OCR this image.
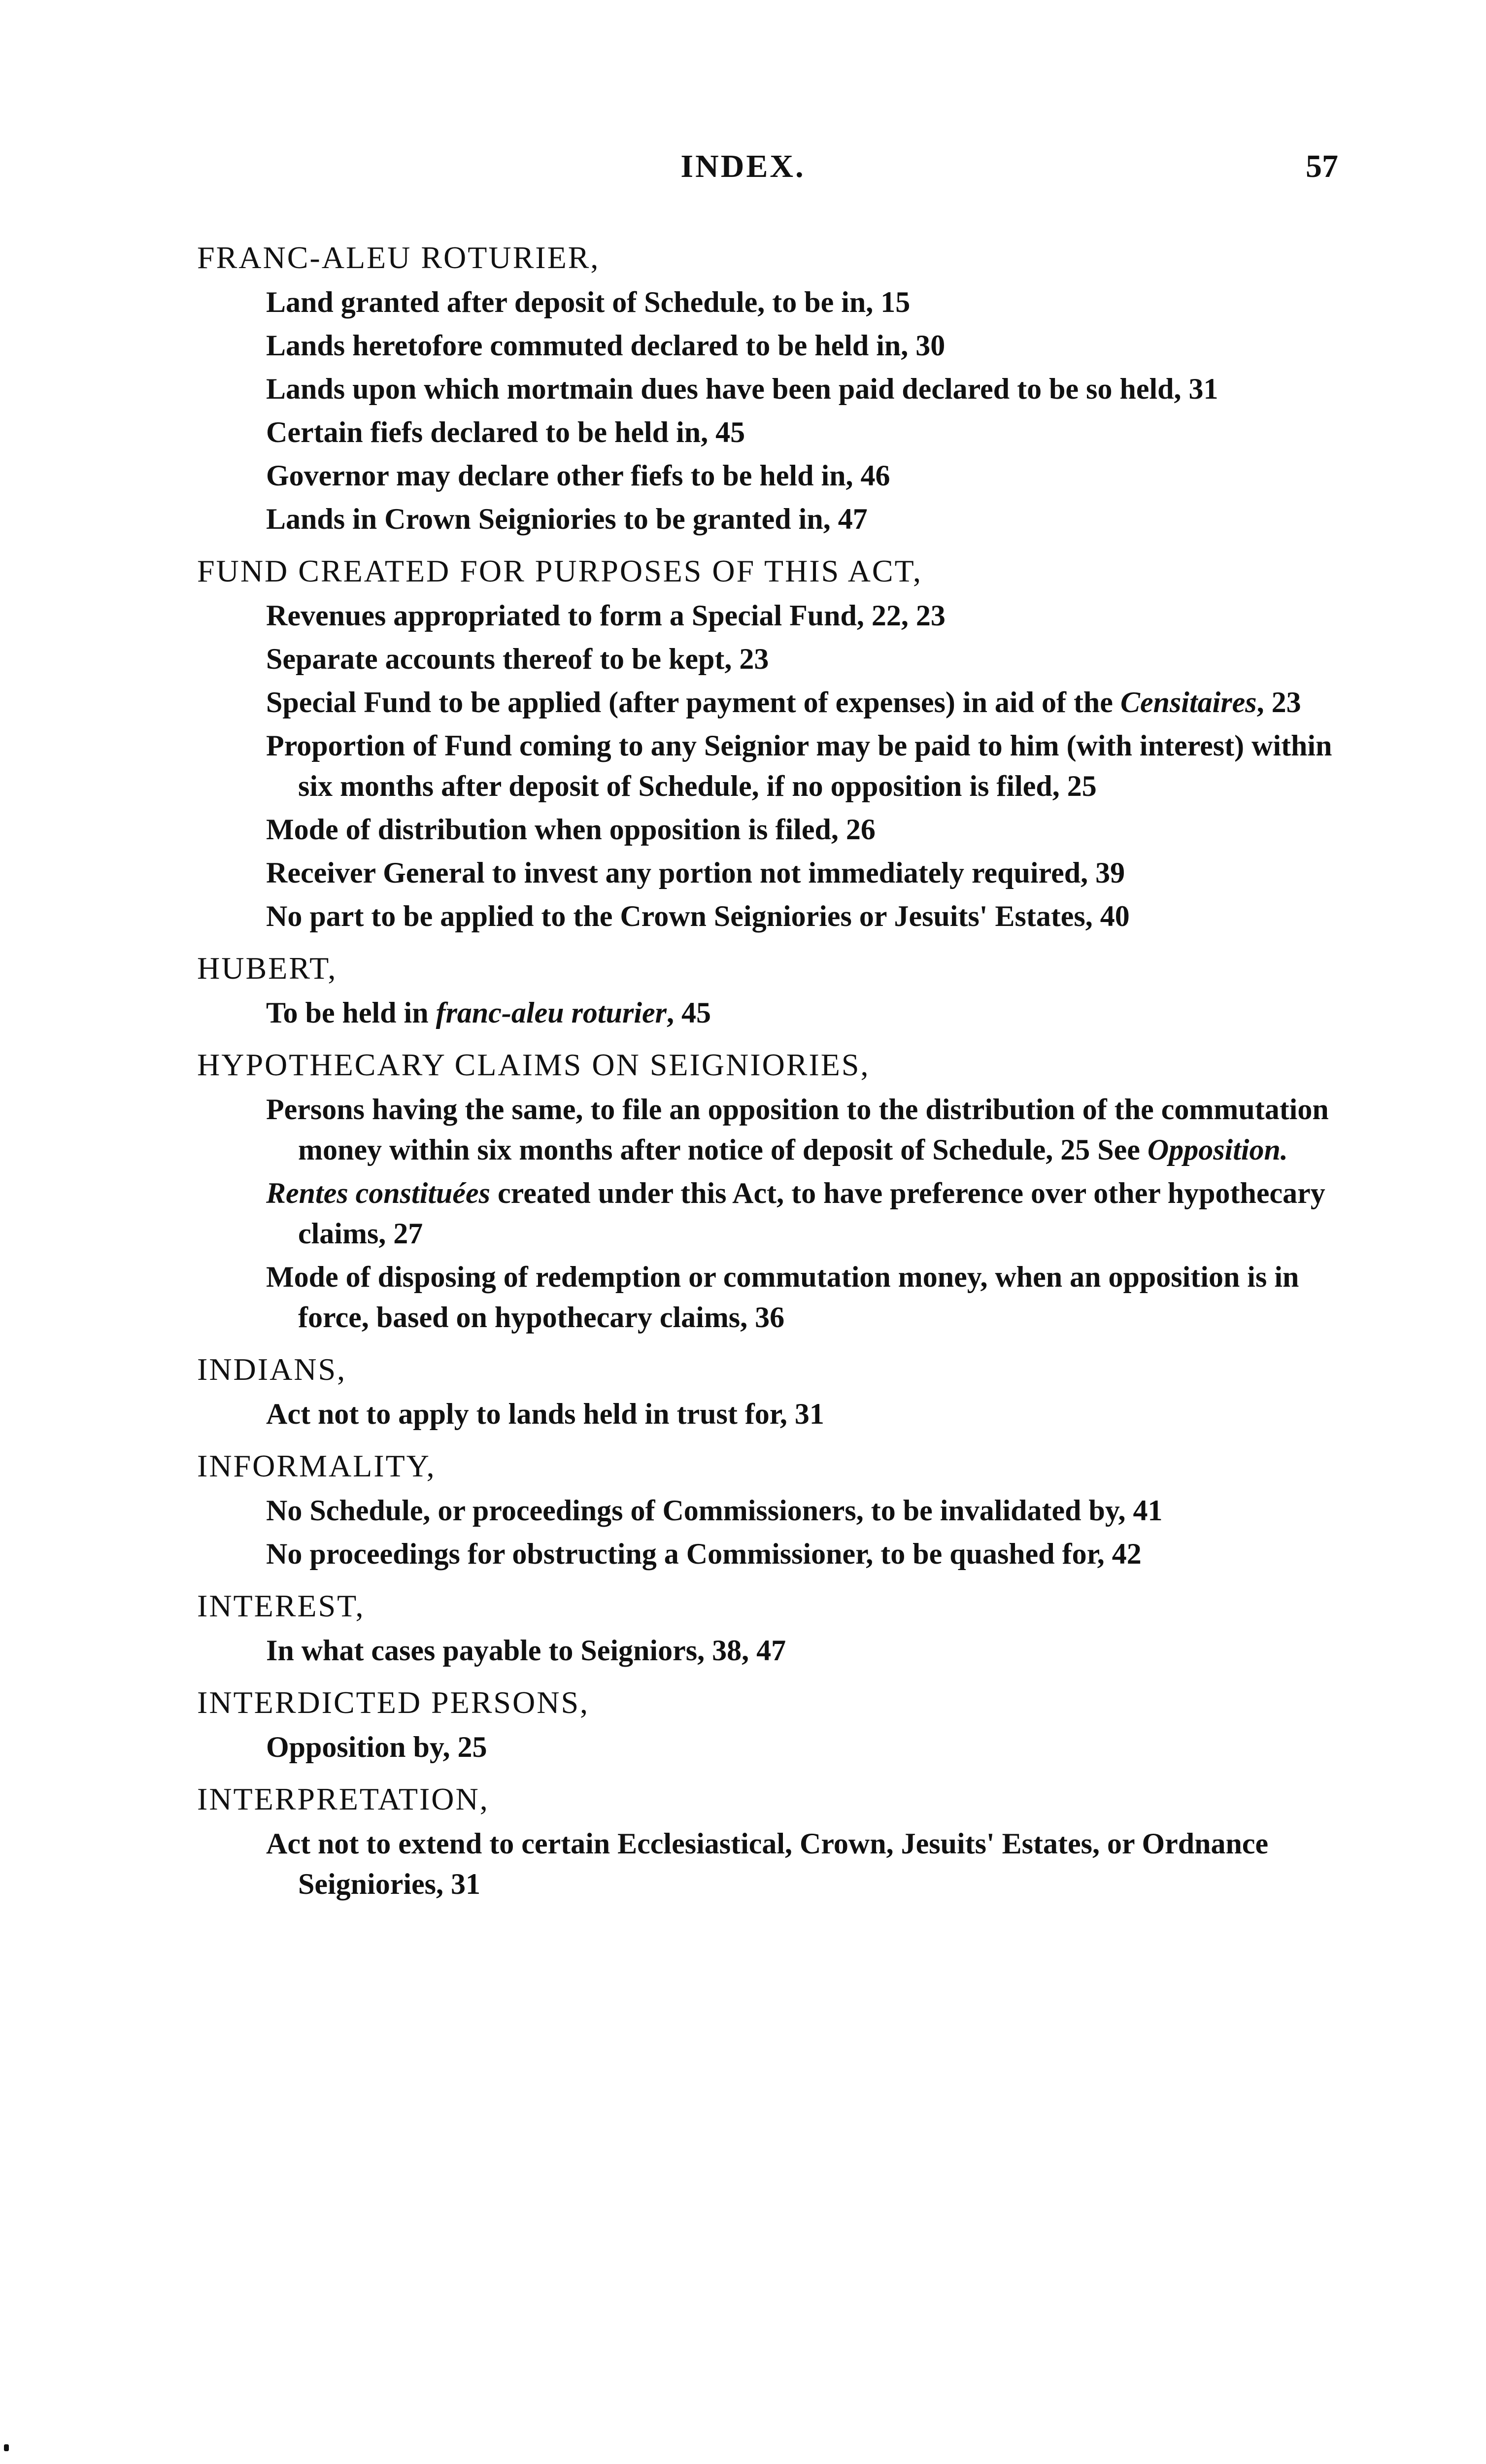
INDEX.	57
FRANC-ALEU ROTURIER,
Land granted after deposit of Schedule, to be in, 15
Lands heretofore commuted declared to be held in, 30
Lands upon which mortmain dues have been paid declared to be so held, 31
Certain fiefs declared to be held in, 45
Governor may declare other fiefs to be held in, 46
Lands in Crown Seigniories to be granted in, 47
FUND CREATED FOR PURPOSES OF THIS ACT,
Revenues appropriated to form a Special Fund, 22, 23
Separate accounts thereof to be kept, 23
Special Fund to be applied (after payment of expenses) in aid of the Censitaires, 23
Proportion of Fund coming to any Seignior may be paid to him (with interest) within six months after deposit of Schedule, if no opposition is filed, 25
Mode of distribution when opposition is filed, 26
Receiver General to invest any portion not immediately required, 39
No part to be applied to the Crown Seigniories or Jesuits' Estates, 40
HUBERT,
To be held in franc-aleu roturier, 45
HYPOTHECARY CLAIMS ON SEIGNIORIES,
Persons having the same, to file an opposition to the distribution of the commutation money within six months after notice of deposit of Schedule, 25 See Opposition.
Rentes constituées created under this Act, to have preference over other hypothecary claims, 27
Mode of disposing of redemption or commutation money, when an opposition is in force, based on hypothecary claims, 36
INDIANS,
Act not to apply to lands held in trust for, 31
INFORMALITY,
No Schedule, or proceedings of Commissioners, to be invalidated by, 41
No proceedings for obstructing a Commissioner, to be quashed for, 42
INTEREST,
In what cases payable to Seigniors, 38, 47
INTERDICTED PERSONS,
Opposition by, 25
INTERPRETATION,
Act not to extend to certain Ecclesiastical, Crown, Jesuits' Estates, or Ordnance Seigniories, 31
